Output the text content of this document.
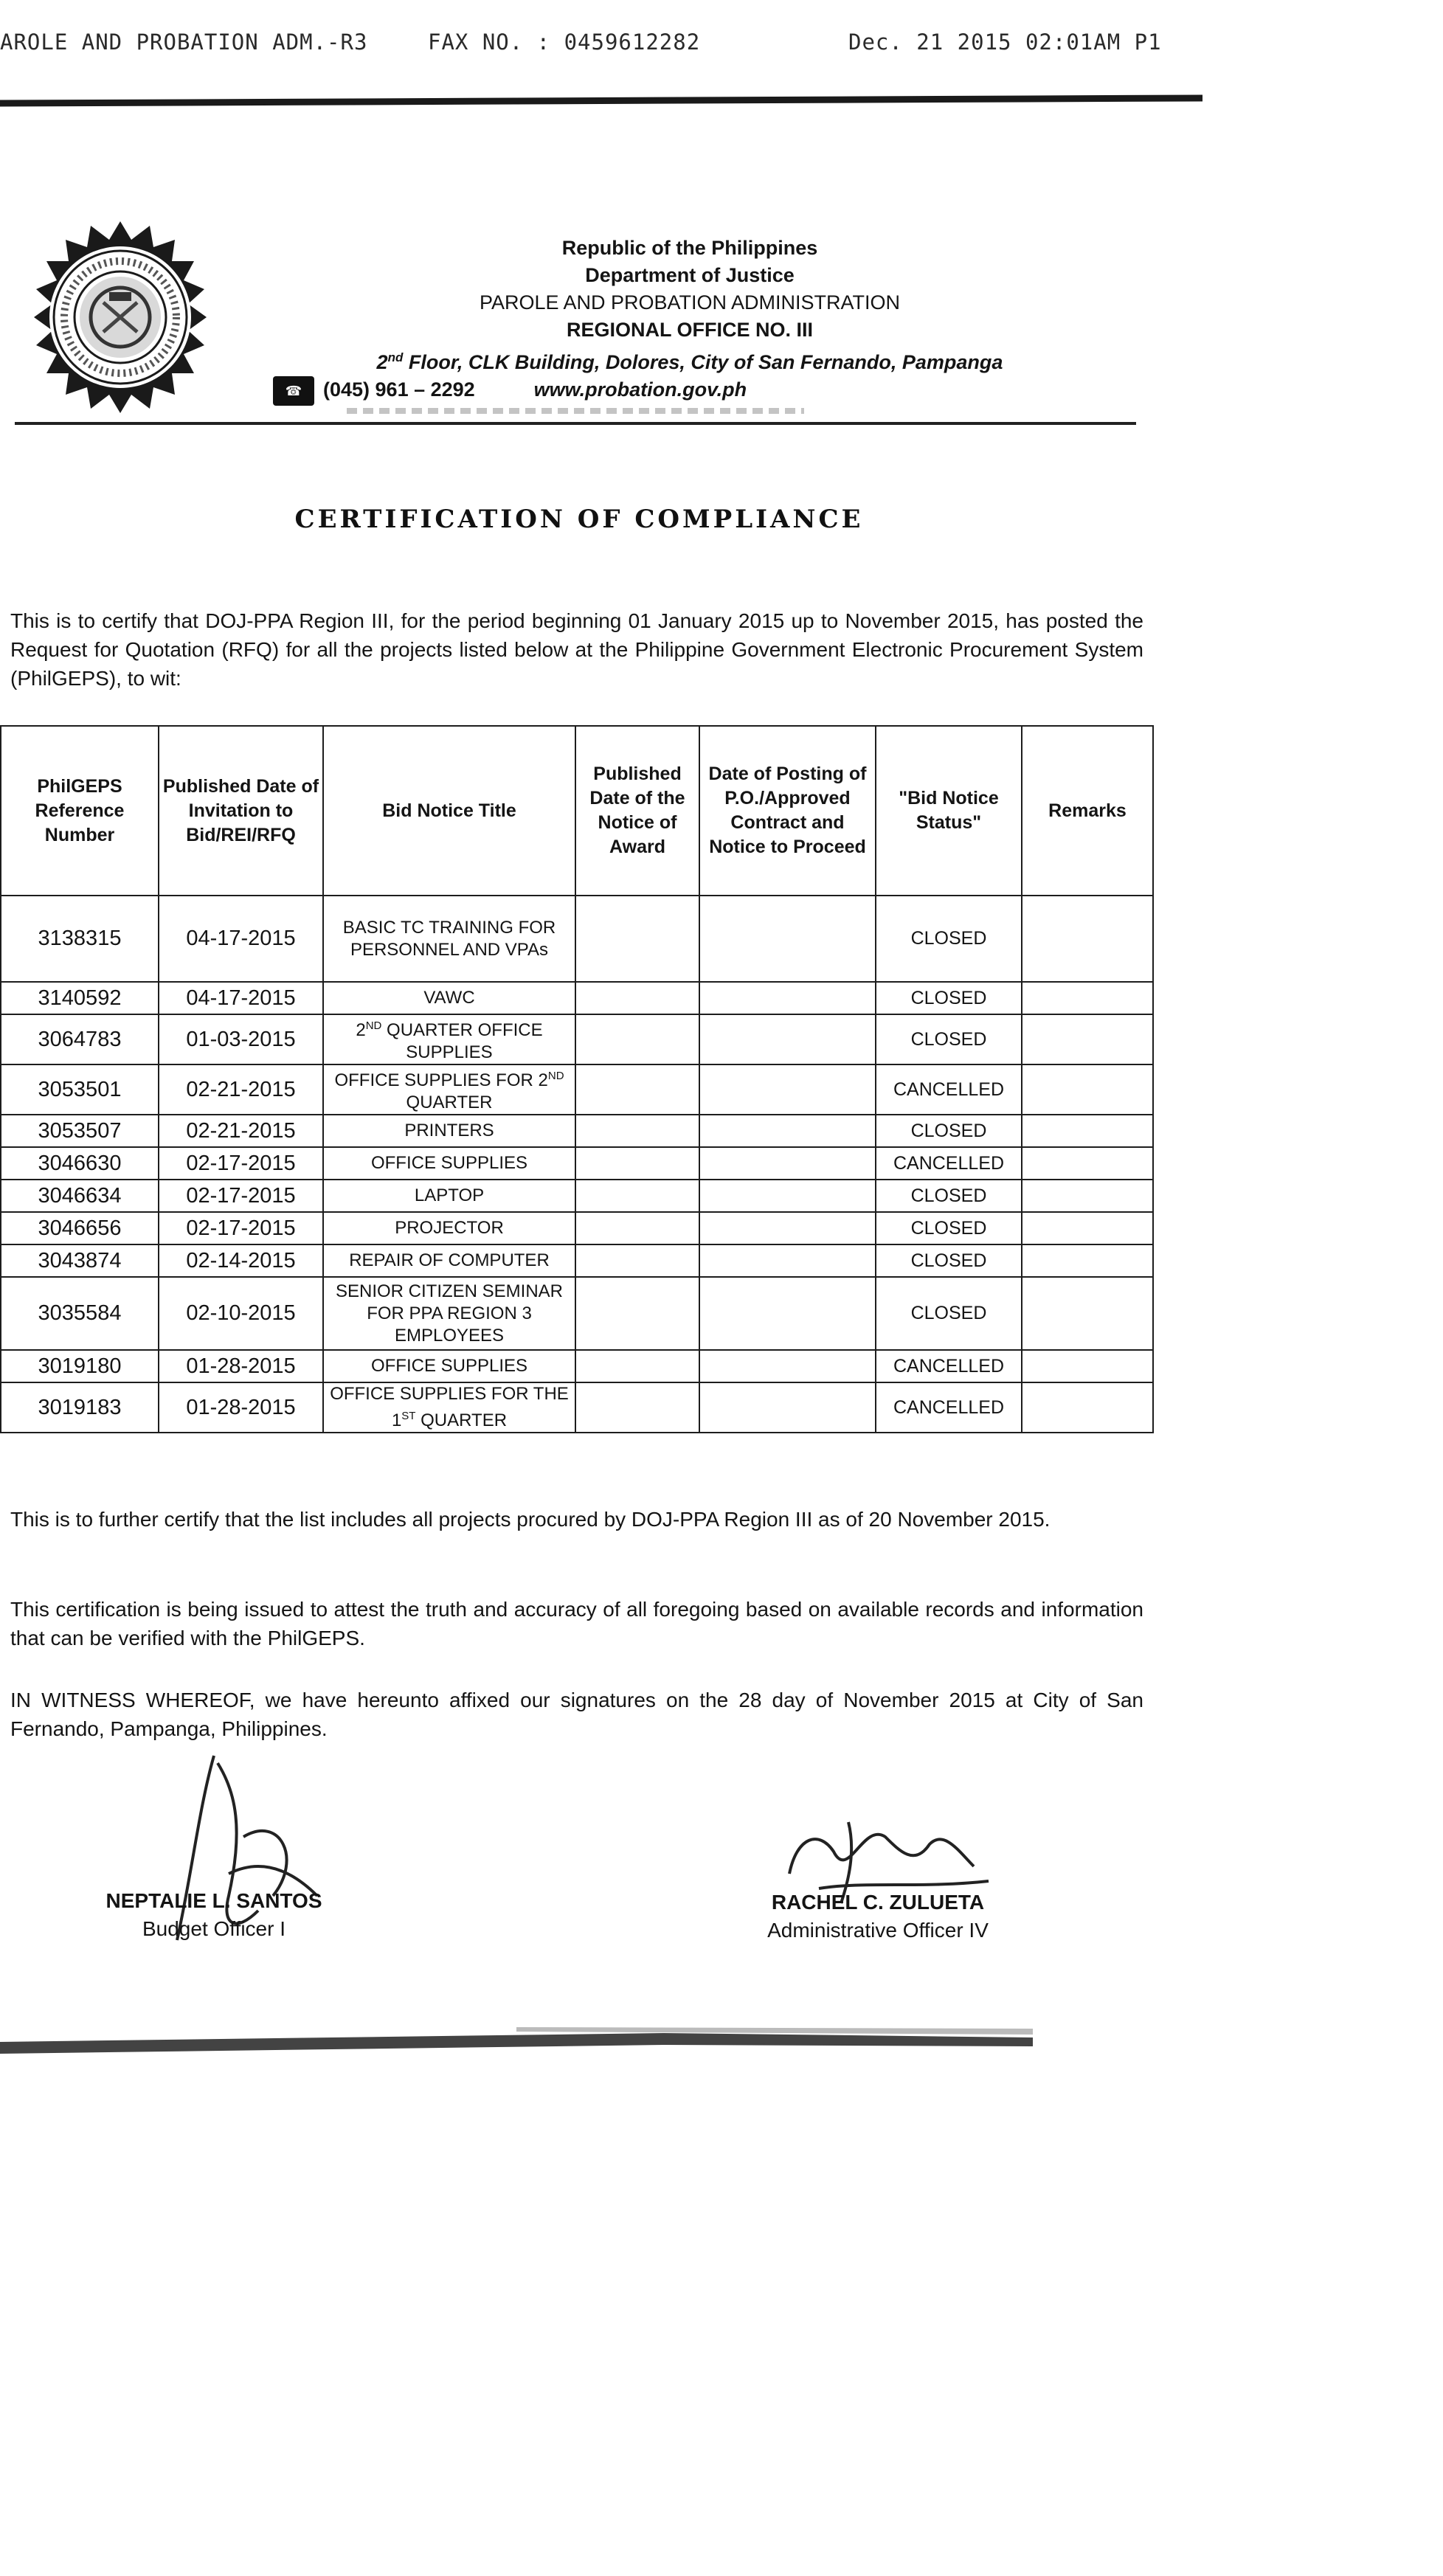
AROLE AND PROBATION ADM.-R3	FAX NO. : 0459612282	Dec. 21 2015 02:01AM P1
Republic of the Philippines
Department of Justice
PAROLE AND PROBATION ADMINISTRATION
REGIONAL OFFICE NO. III
2nd Floor, CLK Building, Dolores, City of San Fernando, Pampanga
☎ (045) 961 – 2292	www.probation.gov.ph
CERTIFICATION OF COMPLIANCE
This is to certify that DOJ-PPA Region III, for the period beginning 01 January 2015 up to November 2015, has posted the Request for Quotation (RFQ) for all the projects listed below at the Philippine Government Electronic Procurement System (PhilGEPS), to wit:
PhilGEPS Reference Number	Published Date of Invitation to Bid/REI/RFQ	Bid Notice Title	Published Date of the Notice of Award	Date of Posting of P.O./Approved Contract and Notice to Proceed	"Bid Notice Status"	Remarks
3138315	04-17-2015	BASIC TC TRAINING FOR PERSONNEL AND VPAs			CLOSED	
3140592	04-17-2015	VAWC			CLOSED	
3064783	01-03-2015	2ND QUARTER OFFICE SUPPLIES			CLOSED	
3053501	02-21-2015	OFFICE SUPPLIES FOR 2ND QUARTER			CANCELLED	
3053507	02-21-2015	PRINTERS			CLOSED	
3046630	02-17-2015	OFFICE SUPPLIES			CANCELLED	
3046634	02-17-2015	LAPTOP			CLOSED	
3046656	02-17-2015	PROJECTOR			CLOSED	
3043874	02-14-2015	REPAIR OF COMPUTER			CLOSED	
3035584	02-10-2015	SENIOR CITIZEN SEMINAR FOR PPA REGION 3 EMPLOYEES			CLOSED	
3019180	01-28-2015	OFFICE SUPPLIES			CANCELLED	
3019183	01-28-2015	OFFICE SUPPLIES FOR THE 1ST QUARTER			CANCELLED	
This is to further certify that the list includes all projects procured by DOJ-PPA Region III as of 20 November 2015.
This certification is being issued to attest the truth and accuracy of all foregoing based on available records and information that can be verified with the PhilGEPS.
IN WITNESS WHEREOF, we have hereunto affixed our signatures on the 28 day of November 2015 at City of San Fernando, Pampanga, Philippines.
NEPTALIE L. SANTOS
Budget Officer I
RACHEL C. ZULUETA
Administrative Officer IV
